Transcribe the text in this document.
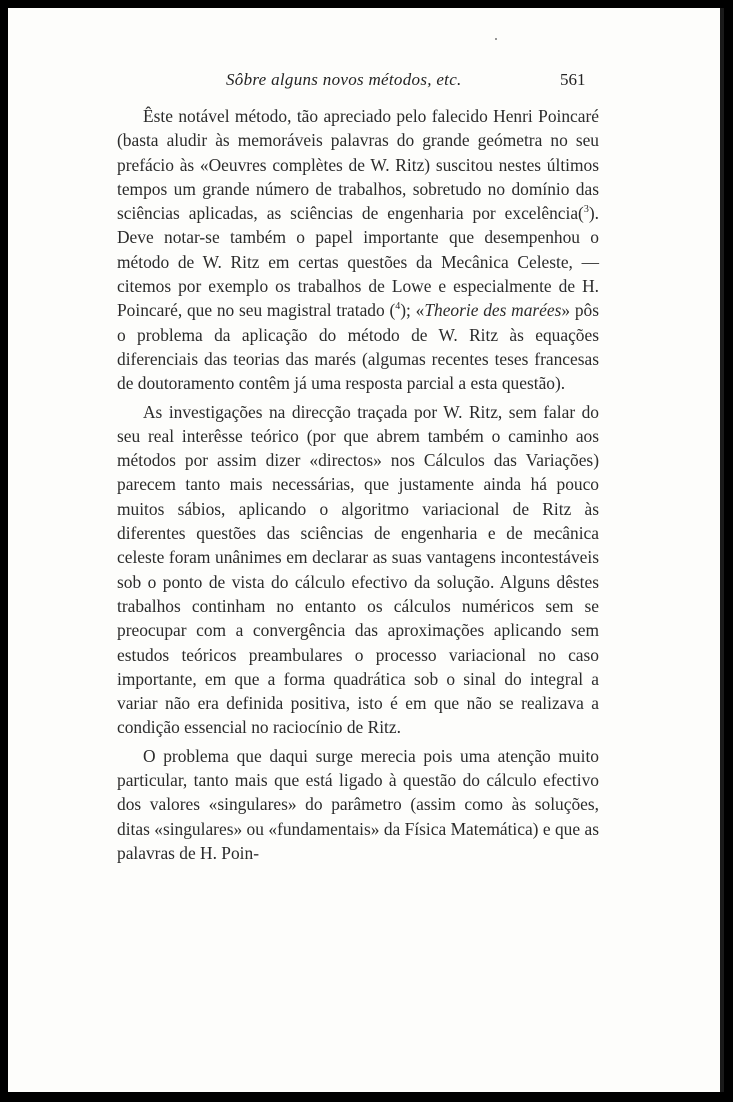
Sôbre alguns novos métodos, etc.	561

Êste notável método, tão apreciado pelo falecido Henri Poincaré (basta aludir às memoráveis palavras do grande geómetra no seu prefácio às «Oeuvres complètes de W. Ritz) suscitou nestes últimos tempos um grande número de trabalhos, sobretudo no domínio das sciências aplicadas, as sciências de engenharia por excelência($^3$). Deve notar-se também o papel importante que desempenhou o método de W. Ritz em certas questões da Mecânica Celeste, — citemos por exemplo os trabalhos de Lowe e especialmente de H. Poincaré, que no seu magistral tratado ($^4$); «Theorie des marées» pôs o problema da aplicação do método de W. Ritz às equações diferenciais das teorias das marés (algumas recentes teses francesas de doutoramento contêm já uma resposta parcial a esta questão).

As investigações na direcção traçada por W. Ritz, sem falar do seu real interêsse teórico (por que abrem também o caminho aos métodos por assim dizer «directos» nos Cálculos das Variações) parecem tanto mais necessárias, que justamente ainda há pouco muitos sábios, aplicando o algoritmo variacional de Ritz às diferentes questões das sciências de engenharia e de mecânica celeste foram unânimes em declarar as suas vantagens incontestáveis sob o ponto de vista do cálculo efectivo da solução. Alguns dêstes trabalhos continham no entanto os cálculos numéricos sem se preocupar com a convergência das aproximações aplicando sem estudos teóricos preambulares o processo variacional no caso importante, em que a forma quadrática sob o sinal do integral a variar não era definida positiva, isto é em que não se realizava a condição essencial no raciocínio de Ritz.

O problema que daqui surge merecia pois uma atenção muito particular, tanto mais que está ligado à questão do cálculo efectivo dos valores «singulares» do parâmetro (assim como às soluções, ditas «singulares» ou «fundamentais» da Física Matemática) e que as palavras de H. Poin-
